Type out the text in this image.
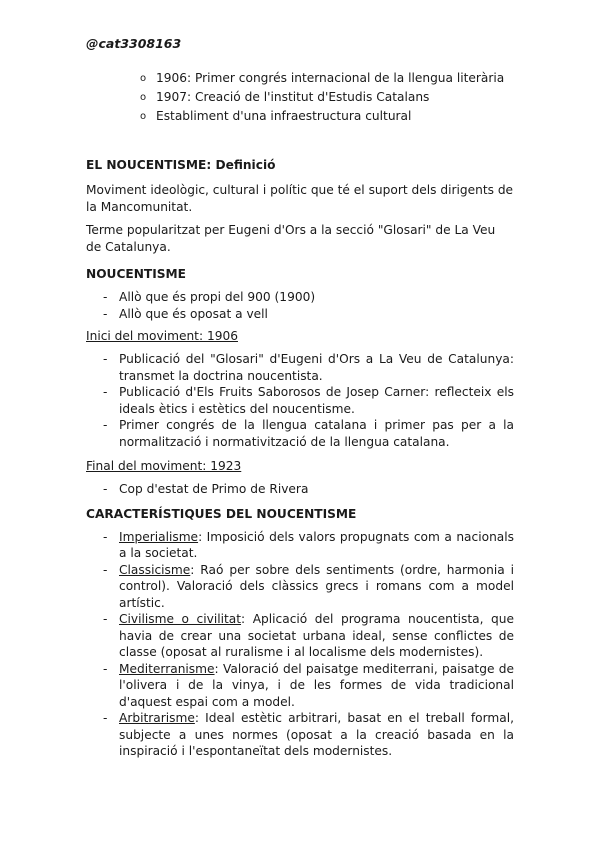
@cat3308163
o 1906: Primer congrés internacional de la llengua literària
o 1907: Creació de l'institut d'Estudis Catalans
o Establiment d'una infraestructura cultural

EL NOUCENTISME: Definició

Moviment ideològic, cultural i polític que té el suport dels dirigents de la Mancomunitat.

Terme popularitzat per Eugeni d'Ors a la secció "Glosari" de La Veu de Catalunya.

NOUCENTISME

- Allò que és propi del 900 (1900)
- Allò que és oposat a vell

Inici del moviment: 1906

- Publicació del "Glosari" d'Eugeni d'Ors a La Veu de Catalunya: transmet la doctrina noucentista.
- Publicació d'Els Fruits Saborosos de Josep Carner: reflecteix els ideals ètics i estètics del noucentisme.
- Primer congrés de la llengua catalana i primer pas per a la normalització i normativització de la llengua catalana.

Final del moviment: 1923

- Cop d'estat de Primo de Rivera

CARACTERÍSTIQUES DEL NOUCENTISME

- Imperialisme: Imposició dels valors propugnats com a nacionals a la societat.
- Classicisme: Raó per sobre dels sentiments (ordre, harmonia i control). Valoració dels clàssics grecs i romans com a model artístic.
- Civilisme o civilitat: Aplicació del programa noucentista, que havia de crear una societat urbana ideal, sense conflictes de classe (oposat al ruralisme i al localisme dels modernistes).
- Mediterranisme: Valoració del paisatge mediterrani, paisatge de l'olivera i de la vinya, i de les formes de vida tradicional d'aquest espai com a model.
- Arbitrarisme: Ideal estètic arbitrari, basat en el treball formal, subjecte a unes normes (oposat a la creació basada en la inspiració i l'espontaneïtat dels modernistes.
